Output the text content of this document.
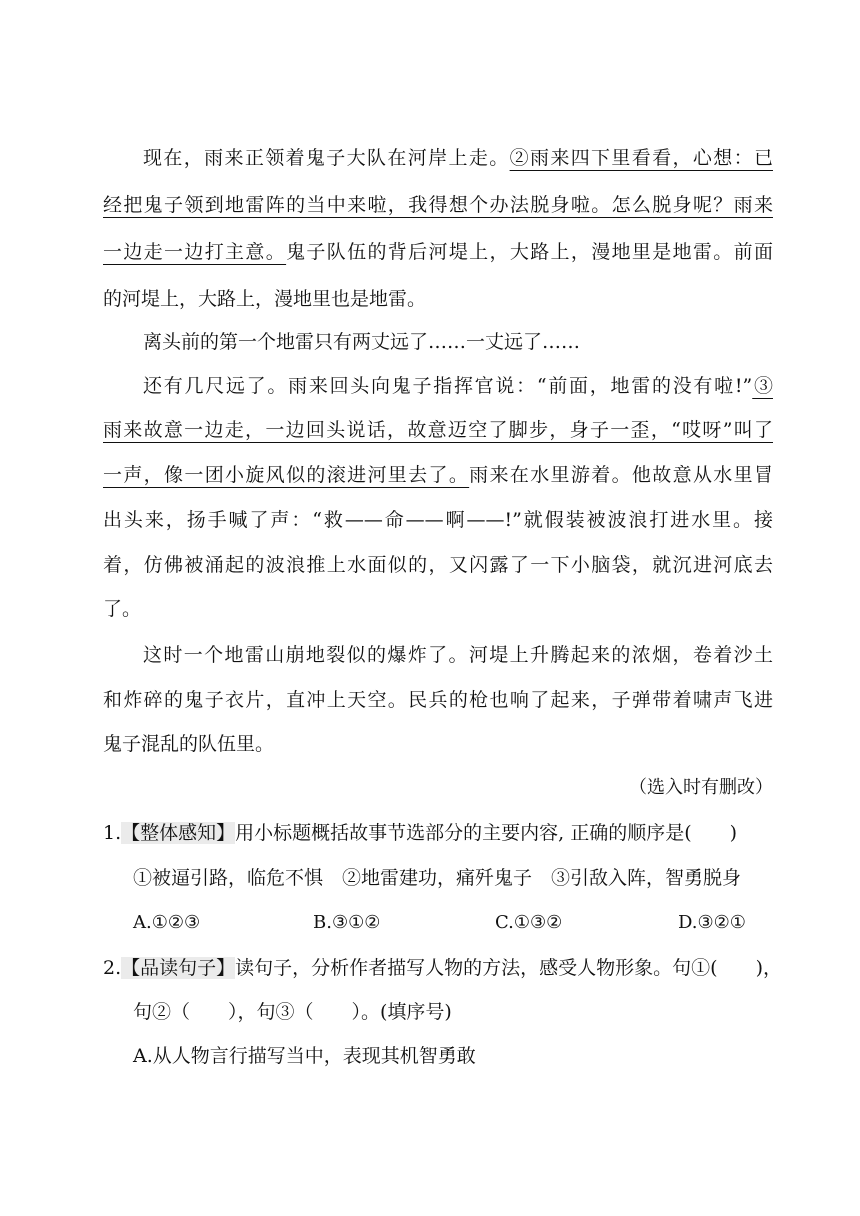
现在，雨来正领着鬼子大队在河岸上走。②雨来四下里看看，心想：已
经把鬼子领到地雷阵的当中来啦，我得想个办法脱身啦。怎么脱身呢？雨来
一边走一边打主意。鬼子队伍的背后河堤上，大路上，漫地里是地雷。前面
的河堤上，大路上，漫地里也是地雷。
离头前的第一个地雷只有两丈远了……一丈远了……
还有几尺远了。雨来回头向鬼子指挥官说：“前面，地雷的没有啦!”③
雨来故意一边走，一边回头说话，故意迈空了脚步，身子一歪，“哎呀”叫了
一声，像一团小旋风似的滚进河里去了。雨来在水里游着。他故意从水里冒
出头来，扬手喊了声：“救——命——啊——!”就假装被波浪打进水里。接
着，仿佛被涌起的波浪推上水面似的，又闪露了一下小脑袋，就沉进河底去
了。
这时一个地雷山崩地裂似的爆炸了。河堤上升腾起来的浓烟，卷着沙土
和炸碎的鬼子衣片，直冲上天空。民兵的枪也响了起来，子弹带着啸声飞进
鬼子混乱的队伍里。
（选入时有删改）
1.【整体感知】用小标题概括故事节选部分的主要内容, 正确的顺序是(　　)
①被逼引路，临危不惧　②地雷建功，痛歼鬼子　③引敌入阵，智勇脱身
A.①②③	B.③①②	C.①③②	D.③②①
2.【品读句子】读句子，分析作者描写人物的方法，感受人物形象。句①(　　)，
句②（　　），句③（　　）。(填序号)
A.从人物言行描写当中，表现其机智勇敢
